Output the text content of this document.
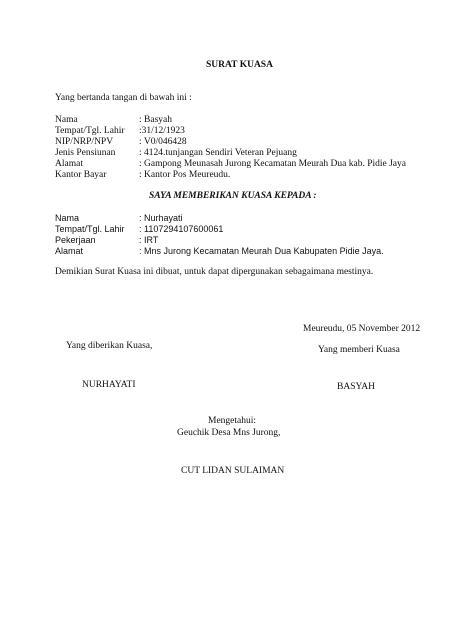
SURAT KUASA
Yang bertanda tangan di bawah ini :
Nama	: Basyah
Tempat/Tgl. Lahir	:31/12/1923
NIP/NRP/NPV	: V0/046428
Jenis Pensiunan	: 4124.tunjangan Sendiri Veteran Pejuang
Alamat	: Gampong Meunasah Jurong Kecamatan Meurah Dua kab. Pidie Jaya
Kantor Bayar	: Kantor Pos Meureudu.
SAYA MEMBERIKAN KUASA KEPADA :
Nama	: Nurhayati
Tempat/Tgl. Lahir	: 1107294107600061
Pekerjaan	: IRT
Alamat	: Mns Jurong Kecamatan Meurah Dua Kabupaten Pidie Jaya.
Demikian Surat Kuasa ini dibuat, untuk dapat dipergunakan sebagaimana mestinya.
Meureudu, 05 November 2012
Yang diberikan Kuasa,	Yang memberi Kuasa
NURHAYATI	BASYAH
Mengetahui:
Geuchik Desa Mns Jurong,
CUT LIDAN SULAIMAN
